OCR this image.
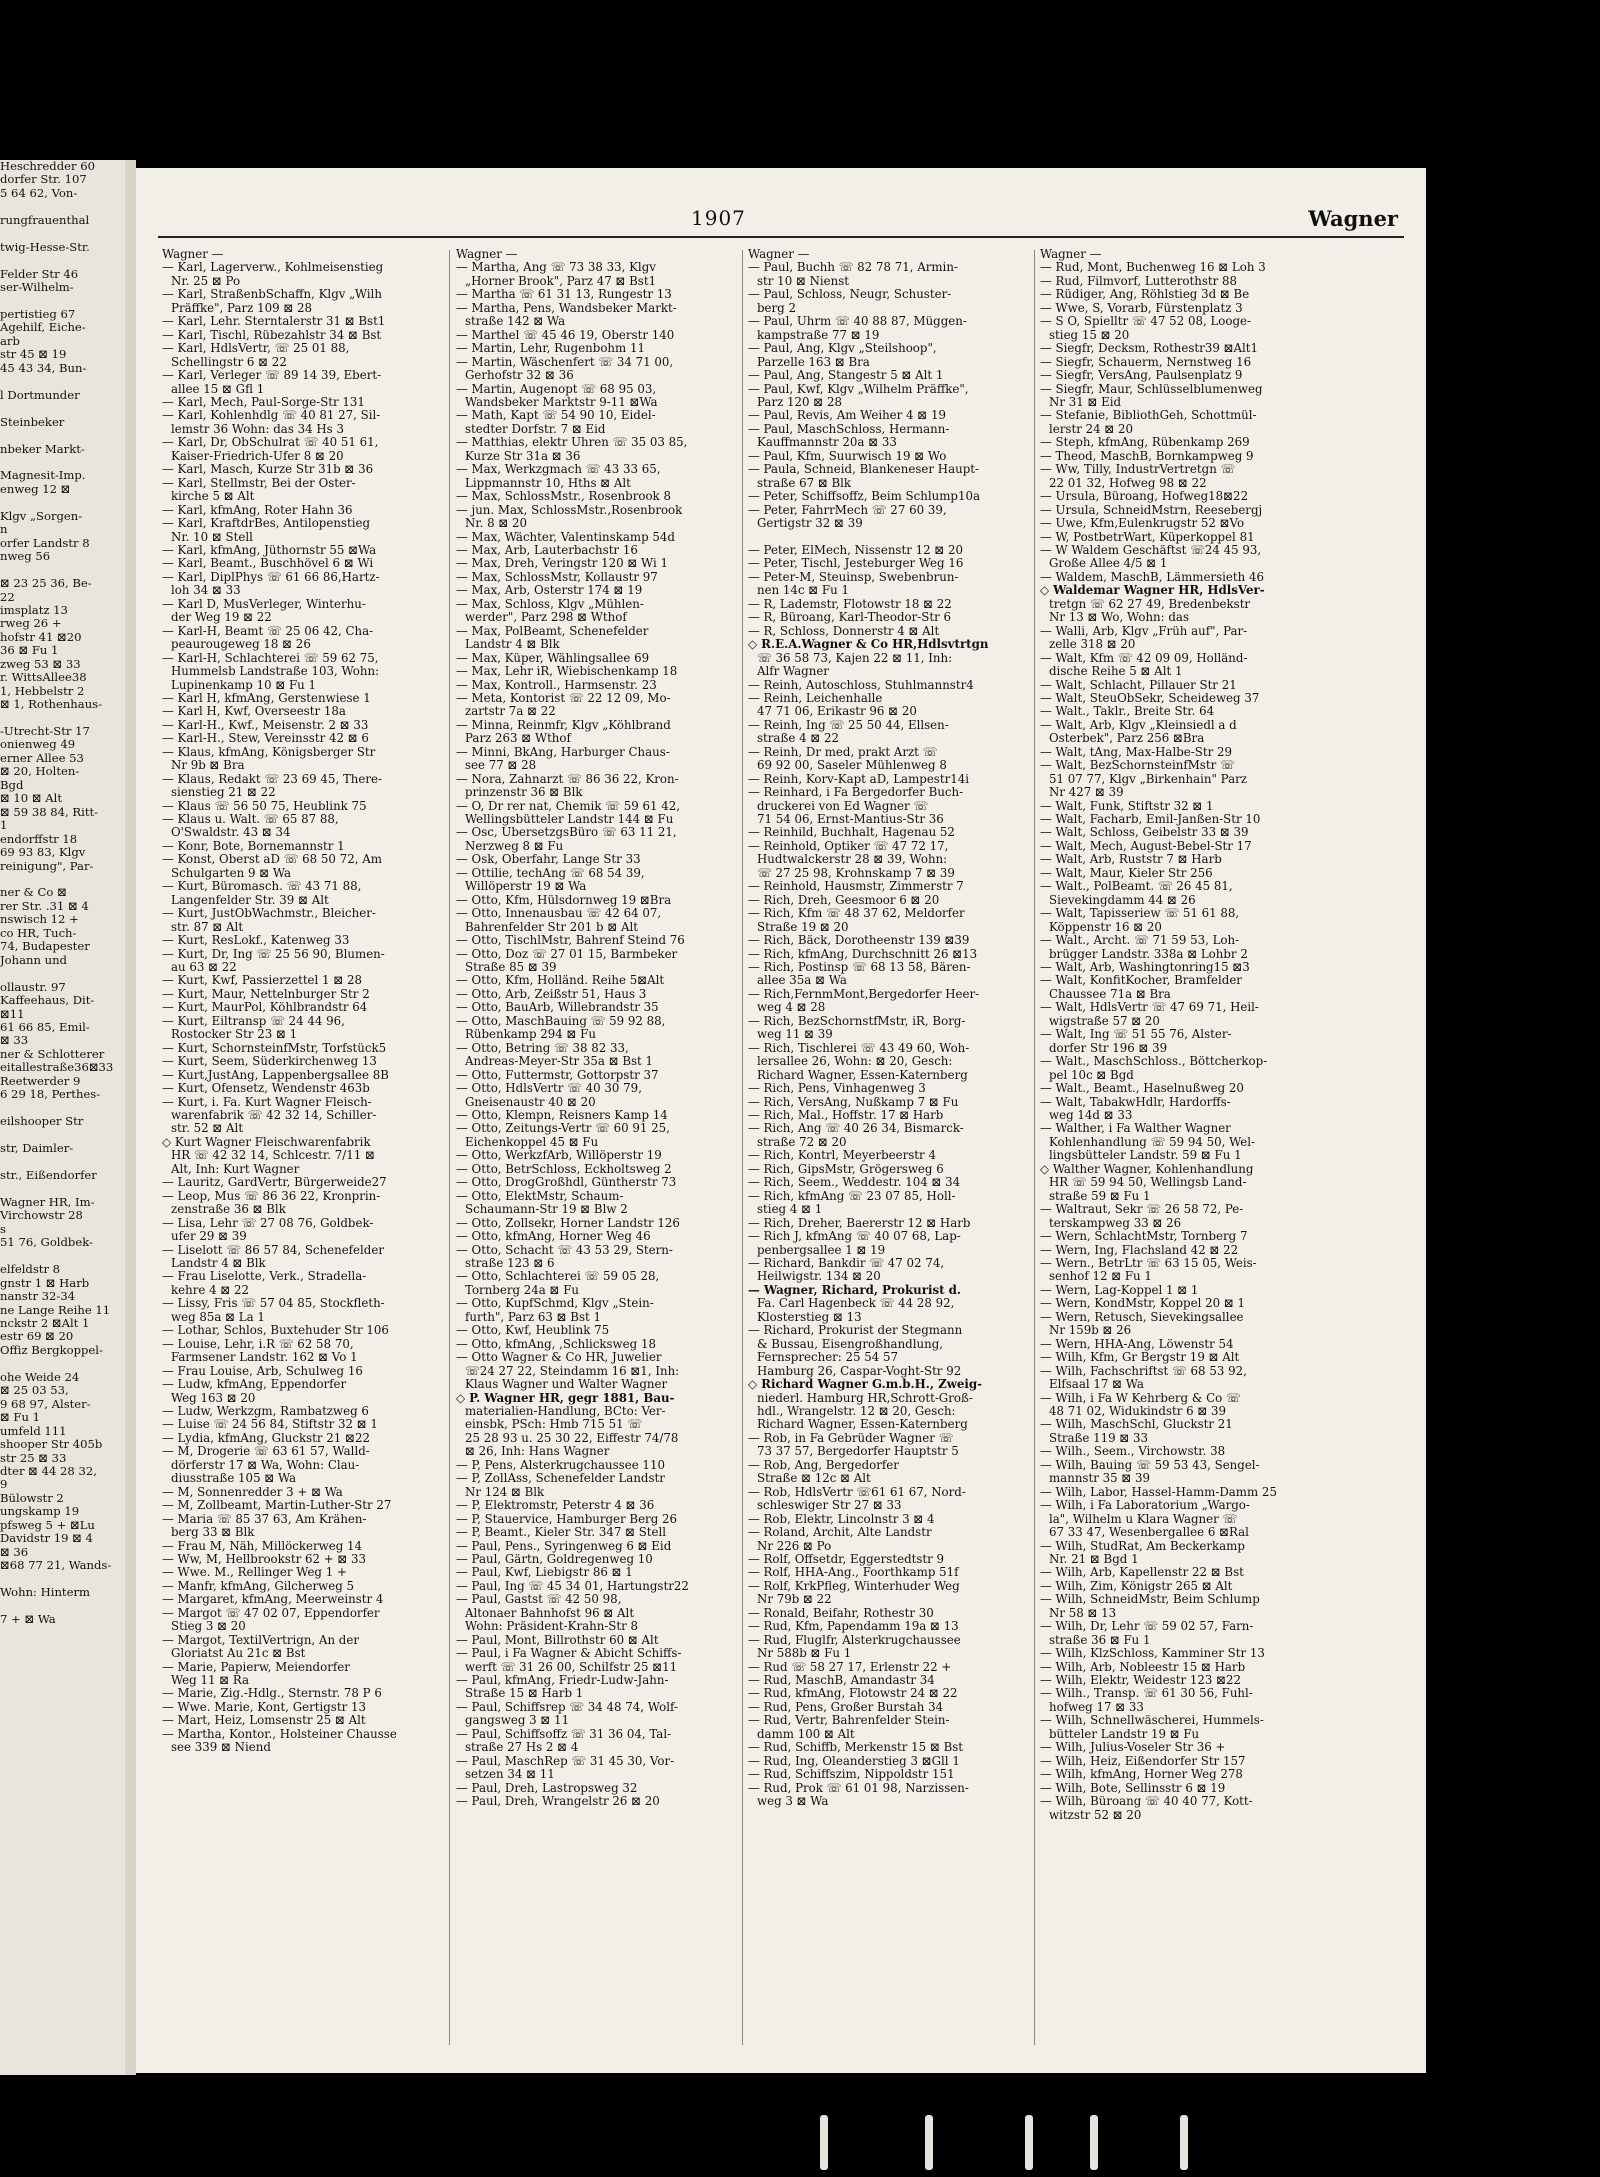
Heschredder 60
dorfer Str. 107
5 64 62, Von-

rungfrauenthal

twig-Hesse-Str.

Felder Str 46
ser-Wilhelm-

pertistieg 67
Agehilf, Eiche-
arb
str 45 ⊠ 19
45 43 34, Bun-

l Dortmunder

Steinbeker

nbeker Markt-

Magnesit-Imp.
enweg 12 ⊠

Klgv „Sorgen-
n
orfer Landstr 8
nweg 56

⊠ 23 25 36, Be-
22
imsplatz 13
rweg 26 +
hofstr 41 ⊠20
36 ⊠ Fu 1
zweg 53 ⊠ 33
r. WittsAllee38
1, Hebbelstr 2
⊠ 1, Rothenhaus-

-Utrecht-Str 17
onienweg 49
erner Allee 53
⊠ 20, Holten-
Bgd
⊠ 10 ⊠ Alt
⊠ 59 38 84, Ritt-
1
endorffstr 18
69 93 83, Klgv
reinigung", Par-

ner & Co ⊠
rer Str. .31 ⊠ 4
nswisch 12 +
co HR, Tuch-
74, Budapester
Johann und

ollaustr. 97
Kaffeehaus, Dit-
⊠11
61 66 85, Emil-
⊠ 33
ner & Schlotterer
eitallestraße36⊠33
Reetwerder 9
6 29 18, Perthes-

eilshooper Str

str, Daimler-

str., Eißendorfer

Wagner HR, Im-
Virchowstr 28
s
51 76, Goldbek-

elfeldstr 8
gnstr 1 ⊠ Harb
nanstr 32-34
ne Lange Reihe 11
nckstr 2 ⊠Alt 1
estr 69 ⊠ 20
Offiz Bergkoppel-

ohe Weide 24
⊠ 25 03 53,
9 68 97, Alster-
⊠ Fu 1
umfeld 111
shooper Str 405b
str 25 ⊠ 33
dter ⊠ 44 28 32,
9
Bülowstr 2
ungskamp 19
pfsweg 5 + ⊠Lu
Davidstr 19 ⊠ 4
⊠ 36
⊠68 77 21, Wands-

Wohn: Hinterm

7 + ⊠ Wa
1907	Wagner
Wagner —
— Karl, Lagerverw., Kohlmeisenstieg
Nr. 25 ⊠ Po
— Karl, StraßenbSchaffn, Klgv „Wilh
Präffke", Parz 109 ⊠ 28
— Karl, Lehr. Sterntalerstr 31 ⊠ Bst1
— Karl, Tischl, Rübezahlstr 34 ⊠ Bst
— Karl, HdlsVertr, ☏ 25 01 88,
Schellingstr 6 ⊠ 22
— Karl, Verleger ☏ 89 14 39, Ebert-
allee 15 ⊠ Gfl 1
— Karl, Mech, Paul-Sorge-Str 131
— Karl, Kohlenhdlg ☏ 40 81 27, Sil-
lemstr 36 Wohn: das 34 Hs 3
— Karl, Dr, ObSchulrat ☏ 40 51 61,
Kaiser-Friedrich-Ufer 8 ⊠ 20
— Karl, Masch, Kurze Str 31b ⊠ 36
— Karl, Stellmstr, Bei der Oster-
kirche 5 ⊠ Alt
— Karl, kfmAng, Roter Hahn 36
— Karl, KraftdrBes, Antilopenstieg
Nr. 10 ⊠ Stell
— Karl, kfmAng, Jüthornstr 55 ⊠Wa
— Karl, Beamt., Buschhövel 6 ⊠ Wi
— Karl, DiplPhys ☏ 61 66 86,Hartz-
loh 34 ⊠ 33
— Karl D, MusVerleger, Winterhu-
der Weg 19 ⊠ 22
— Karl-H, Beamt ☏ 25 06 42, Cha-
peaurougeweg 18 ⊠ 26
— Karl-H, Schlachterei ☏ 59 62 75,
Hummelsb Landstraße 103, Wohn:
Lupinenkamp 10 ⊠ Fu 1
— Karl H, kfmAng, Gerstenwiese 1
— Karl H, Kwf, Overseestr 18a
— Karl-H., Kwf., Meisenstr. 2 ⊠ 33
— Karl-H., Stew, Vereinsstr 42 ⊠ 6
— Klaus, kfmAng, Königsberger Str
Nr 9b ⊠ Bra
— Klaus, Redakt ☏ 23 69 45, There-
sienstieg 21 ⊠ 22
— Klaus ☏ 56 50 75, Heublink 75
— Klaus u. Walt. ☏ 65 87 88,
O'Swaldstr. 43 ⊠ 34
— Konr, Bote, Bornemannstr 1
— Konst, Oberst aD ☏ 68 50 72, Am
Schulgarten 9 ⊠ Wa
— Kurt, Büromasch. ☏ 43 71 88,
Langenfelder Str. 39 ⊠ Alt
— Kurt, JustObWachmstr., Bleicher-
str. 87 ⊠ Alt
— Kurt, ResLokf., Katenweg 33
— Kurt, Dr, Ing ☏ 25 56 90, Blumen-
au 63 ⊠ 22
— Kurt, Kwf, Passierzettel 1 ⊠ 28
— Kurt, Maur, Nettelnburger Str 2
— Kurt, MaurPol, Köhlbrandstr 64
— Kurt, Eiltransp ☏ 24 44 96,
Rostocker Str 23 ⊠ 1
— Kurt, SchornsteinfMstr, Torfstück5
— Kurt, Seem, Süderkirchenweg 13
— Kurt,JustAng, Lappenbergsallee 8B
— Kurt, Ofensetz, Wendenstr 463b
— Kurt, i. Fa. Kurt Wagner Fleisch-
warenfabrik ☏ 42 32 14, Schiller-
str. 52 ⊠ Alt
◇ Kurt Wagner Fleischwarenfabrik
HR ☏ 42 32 14, Schlcestr. 7/11 ⊠
Alt, Inh: Kurt Wagner
— Lauritz, GardVertr, Bürgerweide27
— Leop, Mus ☏ 86 36 22, Kronprin-
zenstraße 36 ⊠ Blk
— Lisa, Lehr ☏ 27 08 76, Goldbek-
ufer 29 ⊠ 39
— Liselott ☏ 86 57 84, Schenefelder
Landstr 4 ⊠ Blk
— Frau Liselotte, Verk., Stradella-
kehre 4 ⊠ 22
— Lissy, Fris ☏ 57 04 85, Stockfleth-
weg 85a ⊠ La 1
— Lothar, Schlos, Buxtehuder Str 106
— Louise, Lehr, i.R ☏ 62 58 70,
Farmsener Landstr. 162 ⊠ Vo 1
— Frau Louise, Arb, Schulweg 16
— Ludw, kfmAng, Eppendorfer
Weg 163 ⊠ 20
— Ludw, Werkzgm, Rambatzweg 6
— Luise ☏ 24 56 84, Stiftstr 32 ⊠ 1
— Lydia, kfmAng, Gluckstr 21 ⊠22
— M, Drogerie ☏ 63 61 57, Walld-
dörferstr 17 ⊠ Wa, Wohn: Clau-
diusstraße 105 ⊠ Wa
— M, Sonnenredder 3 + ⊠ Wa
— M, Zollbeamt, Martin-Luther-Str 27
— Maria ☏ 85 37 63, Am Krähen-
berg 33 ⊠ Blk
— Frau M, Näh, Millöckerweg 14
— Ww, M, Hellbrookstr 62 + ⊠ 33
— Wwe. M., Rellinger Weg 1 +
— Manfr, kfmAng, Gilcherweg 5
— Margaret, kfmAng, Meerweinstr 4
— Margot ☏ 47 02 07, Eppendorfer
Stieg 3 ⊠ 20
— Margot, TextilVertrign, An der
Gloriatst Au 21c ⊠ Bst
— Marie, Papierw, Meiendorfer
Weg 11 ⊠ Ra
— Marie, Zig.-Hdlg., Sternstr. 78 P 6
— Wwe. Marie, Kont, Gertigstr 13
— Mart, Heiz, Lomsenstr 25 ⊠ Alt
— Martha, Kontor., Holsteiner Chausse
see 339 ⊠ Niend
Wagner —
— Martha, Ang ☏ 73 38 33, Klgv
„Horner Brook", Parz 47 ⊠ Bst1
— Martha ☏ 61 31 13, Rungestr 13
— Martha, Pens, Wandsbeker Markt-
straße 142 ⊠ Wa
— Marthel ☏ 45 46 19, Oberstr 140
— Martin, Lehr, Rugenbohm 11
— Martin, Wäschenfert ☏ 34 71 00,
Gerhofstr 32 ⊠ 36
— Martin, Augenopt ☏ 68 95 03,
Wandsbeker Marktstr 9-11 ⊠Wa
— Math, Kapt ☏ 54 90 10, Eidel-
stedter Dorfstr. 7 ⊠ Eid
— Matthias, elektr Uhren ☏ 35 03 85,
Kurze Str 31a ⊠ 36
— Max, Werkzgmach ☏ 43 33 65,
Lippmannstr 10, Hths ⊠ Alt
— Max, SchlossMstr., Rosenbrook 8
— jun. Max, SchlossMstr.,Rosenbrook
Nr. 8 ⊠ 20
— Max, Wächter, Valentinskamp 54d
— Max, Arb, Lauterbachstr 16
— Max, Dreh, Veringstr 120 ⊠ Wi 1
— Max, SchlossMstr, Kollaustr 97
— Max, Arb, Osterstr 174 ⊠ 19
— Max, Schloss, Klgv „Mühlen-
werder", Parz 298 ⊠ Wthof
— Max, PolBeamt, Schenefelder
Landstr 4 ⊠ Blk
— Max, Küper, Wählingsallee 69
— Max, Lehr iR, Wiebischenkamp 18
— Max, Kontroll., Harmsenstr. 23
— Meta, Kontorist ☏ 22 12 09, Mo-
zartstr 7a ⊠ 22
— Minna, Reinmfr, Klgv „Köhlbrand
Parz 263 ⊠ Wthof
— Minni, BkAng, Harburger Chaus-
see 77 ⊠ 28
— Nora, Zahnarzt ☏ 86 36 22, Kron-
prinzenstr 36 ⊠ Blk
— O, Dr rer nat, Chemik ☏ 59 61 42,
Wellingsbütteler Landstr 144 ⊠ Fu
— Osc, ÜbersetzgsBüro ☏ 63 11 21,
Nerzweg 8 ⊠ Fu
— Osk, Oberfahr, Lange Str 33
— Ottilie, techAng ☏ 68 54 39,
Willöperstr 19 ⊠ Wa
— Otto, Kfm, Hülsdornweg 19 ⊠Bra
— Otto, Innenausbau ☏ 42 64 07,
Bahrenfelder Str 201 b ⊠ Alt
— Otto, TischlMstr, Bahrenf Steind 76
— Otto, Doz ☏ 27 01 15, Barmbeker
Straße 85 ⊠ 39
— Otto, Kfm, Holländ. Reihe 5⊠Alt
— Otto, Arb, Zeißstr 51, Haus 3
— Otto, BauArb, Willebrandstr 35
— Otto, MaschBauing ☏ 59 92 88,
Rübenkamp 294 ⊠ Fu
— Otto, Betring ☏ 38 82 33,
Andreas-Meyer-Str 35a ⊠ Bst 1
— Otto, Futtermstr, Gottorpstr 37
— Otto, HdlsVertr ☏ 40 30 79,
Gneisenaustr 40 ⊠ 20
— Otto, Klempn, Reisners Kamp 14
— Otto, Zeitungs-Vertr ☏ 60 91 25,
Eichenkoppel 45 ⊠ Fu
— Otto, WerkzfArb, Willöperstr 19
— Otto, BetrSchloss, Eckholtsweg 2
— Otto, DrogGroßhdl, Güntherstr 73
— Otto, ElektMstr, Schaum-
Schaumann-Str 19 ⊠ Blw 2
— Otto, Zollsekr, Horner Landstr 126
— Otto, kfmAng, Horner Weg 46
— Otto, Schacht ☏ 43 53 29, Stern-
straße 123 ⊠ 6
— Otto, Schlachterei ☏ 59 05 28,
Tornberg 24a ⊠ Fu
— Otto, KupfSchmd, Klgv „Stein-
furth", Parz 63 ⊠ Bst 1
— Otto, Kwf, Heublink 75
— Otto, kfmAng, ,Schlicksweg 18
— Otto Wagner & Co HR, Juwelier
☏24 27 22, Steindamm 16 ⊠1, Inh:
Klaus Wagner und Walter Wagner
◇ P. Wagner HR, gegr 1881, Bau-
materialien-Handlung, BCto: Ver-
einsbk, PSch: Hmb 715 51 ☏
25 28 93 u. 25 30 22, Eiffestr 74/78
⊠ 26, Inh: Hans Wagner
— P, Pens, Alsterkrugchaussee 110
— P, ZollAss, Schenefelder Landstr
Nr 124 ⊠ Blk
— P, Elektromstr, Peterstr 4 ⊠ 36
— P, Stauervice, Hamburger Berg 26
— P, Beamt., Kieler Str. 347 ⊠ Stell
— Paul, Pens., Syringenweg 6 ⊠ Eid
— Paul, Gärtn, Goldregenweg 10
— Paul, Kwf, Liebigstr 86 ⊠ 1
— Paul, Ing ☏ 45 34 01, Hartungstr22
— Paul, Gastst ☏ 42 50 98,
Altonaer Bahnhofst 96 ⊠ Alt
Wohn: Präsident-Krahn-Str 8
— Paul, Mont, Billrothstr 60 ⊠ Alt
— Paul, i Fa Wagner & Abicht Schiffs-
werft ☏ 31 26 00, Schilfstr 25 ⊠11
— Paul, kfmAng, Friedr-Ludw-Jahn-
Straße 15 ⊠ Harb 1
— Paul, Schiffsrep ☏ 34 48 74, Wolf-
gangsweg 3 ⊠ 11
— Paul, Schiffsoffz ☏ 31 36 04, Tal-
straße 27 Hs 2 ⊠ 4
— Paul, MaschRep ☏ 31 45 30, Vor-
setzen 34 ⊠ 11
— Paul, Dreh, Lastropsweg 32
— Paul, Dreh, Wrangelstr 26 ⊠ 20
Wagner —
— Paul, Buchh ☏ 82 78 71, Armin-
str 10 ⊠ Nienst
— Paul, Schloss, Neugr, Schuster-
berg 2
— Paul, Uhrm ☏ 40 88 87, Müggen-
kampstraße 77 ⊠ 19
— Paul, Ang, Klgv „Steilshoop",
Parzelle 163 ⊠ Bra
— Paul, Ang, Stangestr 5 ⊠ Alt 1
— Paul, Kwf, Klgv „Wilhelm Präffke",
Parz 120 ⊠ 28
— Paul, Revis, Am Weiher 4 ⊠ 19
— Paul, MaschSchloss, Hermann-
Kauffmannstr 20a ⊠ 33
— Paul, Kfm, Suurwisch 19 ⊠ Wo
— Paula, Schneid, Blankeneser Haupt-
straße 67 ⊠ Blk
— Peter, Schiffsoffz, Beim Schlump10a
— Peter, FahrrMech ☏ 27 60 39,
Gertigstr 32 ⊠ 39

— Peter, ElMech, Nissenstr 12 ⊠ 20
— Peter, Tischl, Jesteburger Weg 16
— Peter-M, Steuinsp, Swebenbrun-
nen 14c ⊠ Fu 1
— R, Lademstr, Flotowstr 18 ⊠ 22
— R, Büroang, Karl-Theodor-Str 6
— R, Schloss, Donnerstr 4 ⊠ Alt
◇ R.E.A.Wagner & Co HR,Hdlsvtrtgn
☏ 36 58 73, Kajen 22 ⊠ 11, Inh:
Alfr Wagner
— Reinh, Autoschloss, Stuhlmannstr4
— Reinh, Leichenhalle
47 71 06, Erikastr 96 ⊠ 20
— Reinh, Ing ☏ 25 50 44, Ellsen-
straße 4 ⊠ 22
— Reinh, Dr med, prakt Arzt ☏
69 92 00, Saseler Mühlenweg 8
— Reinh, Korv-Kapt aD, Lampestr14i
— Reinhard, i Fa Bergedorfer Buch-
druckerei von Ed Wagner ☏
71 54 06, Ernst-Mantius-Str 36
— Reinhild, Buchhalt, Hagenau 52
— Reinhold, Optiker ☏ 47 72 17,
Hudtwalckerstr 28 ⊠ 39, Wohn:
☏ 27 25 98, Krohnskamp 7 ⊠ 39
— Reinhold, Hausmstr, Zimmerstr 7
— Rich, Dreh, Geesmoor 6 ⊠ 20
— Rich, Kfm ☏ 48 37 62, Meldorfer
Straße 19 ⊠ 20
— Rich, Bäck, Dorotheenstr 139 ⊠39
— Rich, kfmAng, Durchschnitt 26 ⊠13
— Rich, Postinsp ☏ 68 13 58, Bären-
allee 35a ⊠ Wa
— Rich,FernmMont,Bergedorfer Heer-
weg 4 ⊠ 28
— Rich, BezSchornstfMstr, iR, Borg-
weg 11 ⊠ 39
— Rich, Tischlerei ☏ 43 49 60, Woh-
lersallee 26, Wohn: ⊠ 20, Gesch:
Richard Wagner, Essen-Katernberg
— Rich, Pens, Vinhagenweg 3
— Rich, VersAng, Nußkamp 7 ⊠ Fu
— Rich, Mal., Hoffstr. 17 ⊠ Harb
— Rich, Ang ☏ 40 26 34, Bismarck-
straße 72 ⊠ 20
— Rich, Kontrl, Meyerbeerstr 4
— Rich, GipsMstr, Grögersweg 6
— Rich, Seem., Weddestr. 104 ⊠ 34
— Rich, kfmAng ☏ 23 07 85, Holl-
stieg 4 ⊠ 1
— Rich, Dreher, Baererstr 12 ⊠ Harb
— Rich J, kfmAng ☏ 40 07 68, Lap-
penbergsallee 1 ⊠ 19
— Richard, Bankdir ☏ 47 02 74,
Heilwigstr. 134 ⊠ 20
— Wagner, Richard, Prokurist d.
Fa. Carl Hagenbeck ☏ 44 28 92,
Klosterstieg ⊠ 13
— Richard, Prokurist der Stegmann
& Bussau, Eisengroßhandlung,
Fernsprecher: 25 54 57
Hamburg 26, Caspar-Voght-Str 92
◇ Richard Wagner G.m.b.H., Zweig-
niederl. Hamburg HR,Schrott-Groß-
hdl., Wrangelstr. 12 ⊠ 20, Gesch:
Richard Wagner, Essen-Katernberg
— Rob, in Fa Gebrüder Wagner ☏
73 37 57, Bergedorfer Hauptstr 5
— Rob, Ang, Bergedorfer
Straße ⊠ 12c ⊠ Alt
— Rob, HdlsVertr ☏61 61 67, Nord-
schleswiger Str 27 ⊠ 33
— Rob, Elektr, Lincolnstr 3 ⊠ 4
— Roland, Archit, Alte Landstr
Nr 226 ⊠ Po
— Rolf, Offsetdr, Eggerstedtstr 9
— Rolf, HHA-Ang., Foorthkamp 51f
— Rolf, KrkPfleg, Winterhuder Weg
Nr 79b ⊠ 22
— Ronald, Beifahr, Rothestr 30
— Rud, Kfm, Papendamm 19a ⊠ 13
— Rud, Fluglfr, Alsterkrugchaussee
Nr 588b ⊠ Fu 1
— Rud ☏ 58 27 17, Erlenstr 22 +
— Rud, MaschB, Amandastr 34
— Rud, kfmAng, Flotowstr 24 ⊠ 22
— Rud, Pens, Großer Burstah 34
— Rud, Vertr, Bahrenfelder Stein-
damm 100 ⊠ Alt
— Rud, Schiffb, Merkenstr 15 ⊠ Bst
— Rud, Ing, Oleanderstieg 3 ⊠Gll 1
— Rud, Schiffszim, Nippoldstr 151
— Rud, Prok ☏ 61 01 98, Narzissen-
weg 3 ⊠ Wa
Wagner —
— Rud, Mont, Buchenweg 16 ⊠ Loh 3
— Rud, Filmvorf, Lutterothstr 88
— Rüdiger, Ang, Röhlstieg 3d ⊠ Be
— Wwe, S, Vorarb, Fürstenplatz 3
— S O, Spielltr ☏ 47 52 08, Looge-
stieg 15 ⊠ 20
— Siegfr, Decksm, Rothestr39 ⊠Alt1
— Siegfr, Schauerm, Nernstweg 16
— Siegfr, VersAng, Paulsenplatz 9
— Siegfr, Maur, Schlüsselblumenweg
Nr 31 ⊠ Eid
— Stefanie, BibliothGeh, Schottmül-
lerstr 24 ⊠ 20
— Steph, kfmAng, Rübenkamp 269
— Theod, MaschB, Bornkampweg 9
— Ww, Tilly, IndustrVertretgn ☏
22 01 32, Hofweg 98 ⊠ 22
— Ursula, Büroang, Hofweg18⊠22
— Ursula, SchneidMstrn, Reesebergj
— Uwe, Kfm,Eulenkrugstr 52 ⊠Vo
— W, PostbetrWart, Küperkoppel 81
— W Waldem Geschäftst ☏24 45 93,
Große Allee 4/5 ⊠ 1
— Waldem, MaschB, Lämmersieth 46
◇ Waldemar Wagner HR, HdlsVer-
tretgn ☏ 62 27 49, Bredenbekstr
Nr 13 ⊠ Wo, Wohn: das
— Walli, Arb, Klgv „Früh auf", Par-
zelle 318 ⊠ 20
— Walt, Kfm ☏ 42 09 09, Holländ-
dische Reihe 5 ⊠ Alt 1
— Walt, Schlacht, Pillauer Str 21
— Walt, SteuObSekr, Scheideweg 37
— Walt., Taklr., Breite Str. 64
— Walt, Arb, Klgv „Kleinsiedl a d
Osterbek", Parz 256 ⊠Bra
— Walt, tAng, Max-Halbe-Str 29
— Walt, BezSchornsteinfMstr ☏
51 07 77, Klgv „Birkenhain" Parz
Nr 427 ⊠ 39
— Walt, Funk, Stiftstr 32 ⊠ 1
— Walt, Facharb, Emil-Janßen-Str 10
— Walt, Schloss, Geibelstr 33 ⊠ 39
— Walt, Mech, August-Bebel-Str 17
— Walt, Arb, Ruststr 7 ⊠ Harb
— Walt, Maur, Kieler Str 256
— Walt., PolBeamt. ☏ 26 45 81,
Sievekingdamm 44 ⊠ 26
— Walt, Tapisseriew ☏ 51 61 88,
Köppenstr 16 ⊠ 20
— Walt., Archt. ☏ 71 59 53, Loh-
brügger Landstr. 338a ⊠ Lohbr 2
— Walt, Arb, Washingtonring15 ⊠3
— Walt, KonfitKocher, Bramfelder
Chaussee 71a ⊠ Bra
— Walt, HdlsVertr ☏ 47 69 71, Heil-
wigstraße 57 ⊠ 20
— Walt, Ing ☏ 51 55 76, Alster-
dorfer Str 196 ⊠ 39
— Walt., MaschSchloss., Böttcherkop-
pel 10c ⊠ Bgd
— Walt., Beamt., Haselnußweg 20
— Walt, TabakwHdlr, Hardorffs-
weg 14d ⊠ 33
— Walther, i Fa Walther Wagner
Kohlenhandlung ☏ 59 94 50, Wel-
lingsbütteler Landstr. 59 ⊠ Fu 1
◇ Walther Wagner, Kohlenhandlung
HR ☏ 59 94 50, Wellingsb Land-
straße 59 ⊠ Fu 1
— Waltraut, Sekr ☏ 26 58 72, Pe-
terskampweg 33 ⊠ 26
— Wern, SchlachtMstr, Tornberg 7
— Wern, Ing, Flachsland 42 ⊠ 22
— Wern., BetrLtr ☏ 63 15 05, Weis-
senhof 12 ⊠ Fu 1
— Wern, Lag-Koppel 1 ⊠ 1
— Wern, KondMstr, Koppel 20 ⊠ 1
— Wern, Retusch, Sievekingsallee
Nr 159b ⊠ 26
— Wern, HHA-Ang, Löwenstr 54
— Wilh, Kfm, Gr Bergstr 19 ⊠ Alt
— Wilh, Fachschriftst ☏ 68 53 92,
Elfsaal 17 ⊠ Wa
— Wilh, i Fa W Kehrberg & Co ☏
48 71 02, Widukindstr 6 ⊠ 39
— Wilh, MaschSchl, Gluckstr 21
Straße 119 ⊠ 33
— Wilh., Seem., Virchowstr. 38
— Wilh, Bauing ☏ 59 53 43, Sengel-
mannstr 35 ⊠ 39
— Wilh, Labor, Hassel-Hamm-Damm 25
— Wilh, i Fa Laboratorium „Wargo-
la", Wilhelm u Klara Wagner ☏
67 33 47, Wesenbergallee 6 ⊠Ral
— Wilh, StudRat, Am Beckerkamp
Nr. 21 ⊠ Bgd 1
— Wilh, Arb, Kapellenstr 22 ⊠ Bst
— Wilh, Zim, Königstr 265 ⊠ Alt
— Wilh, SchneidMstr, Beim Schlump
Nr 58 ⊠ 13
— Wilh, Dr, Lehr ☏ 59 02 57, Farn-
straße 36 ⊠ Fu 1
— Wilh, KlzSchloss, Kamminer Str 13
— Wilh, Arb, Nobleestr 15 ⊠ Harb
— Wilh, Elektr, Weidestr 123 ⊠22
— Wilh., Transp. ☏ 61 30 56, Fuhl-
hofweg 17 ⊠ 33
— Wilh, Schnellwäscherei, Hummels-
bütteler Landstr 19 ⊠ Fu
— Wilh, Julius-Voseler Str 36 +
— Wilh, Heiz, Eißendorfer Str 157
— Wilh, kfmAng, Horner Weg 278
— Wilh, Bote, Sellinsstr 6 ⊠ 19
— Wilh, Büroang ☏ 40 40 77, Kott-
witzstr 52 ⊠ 20
